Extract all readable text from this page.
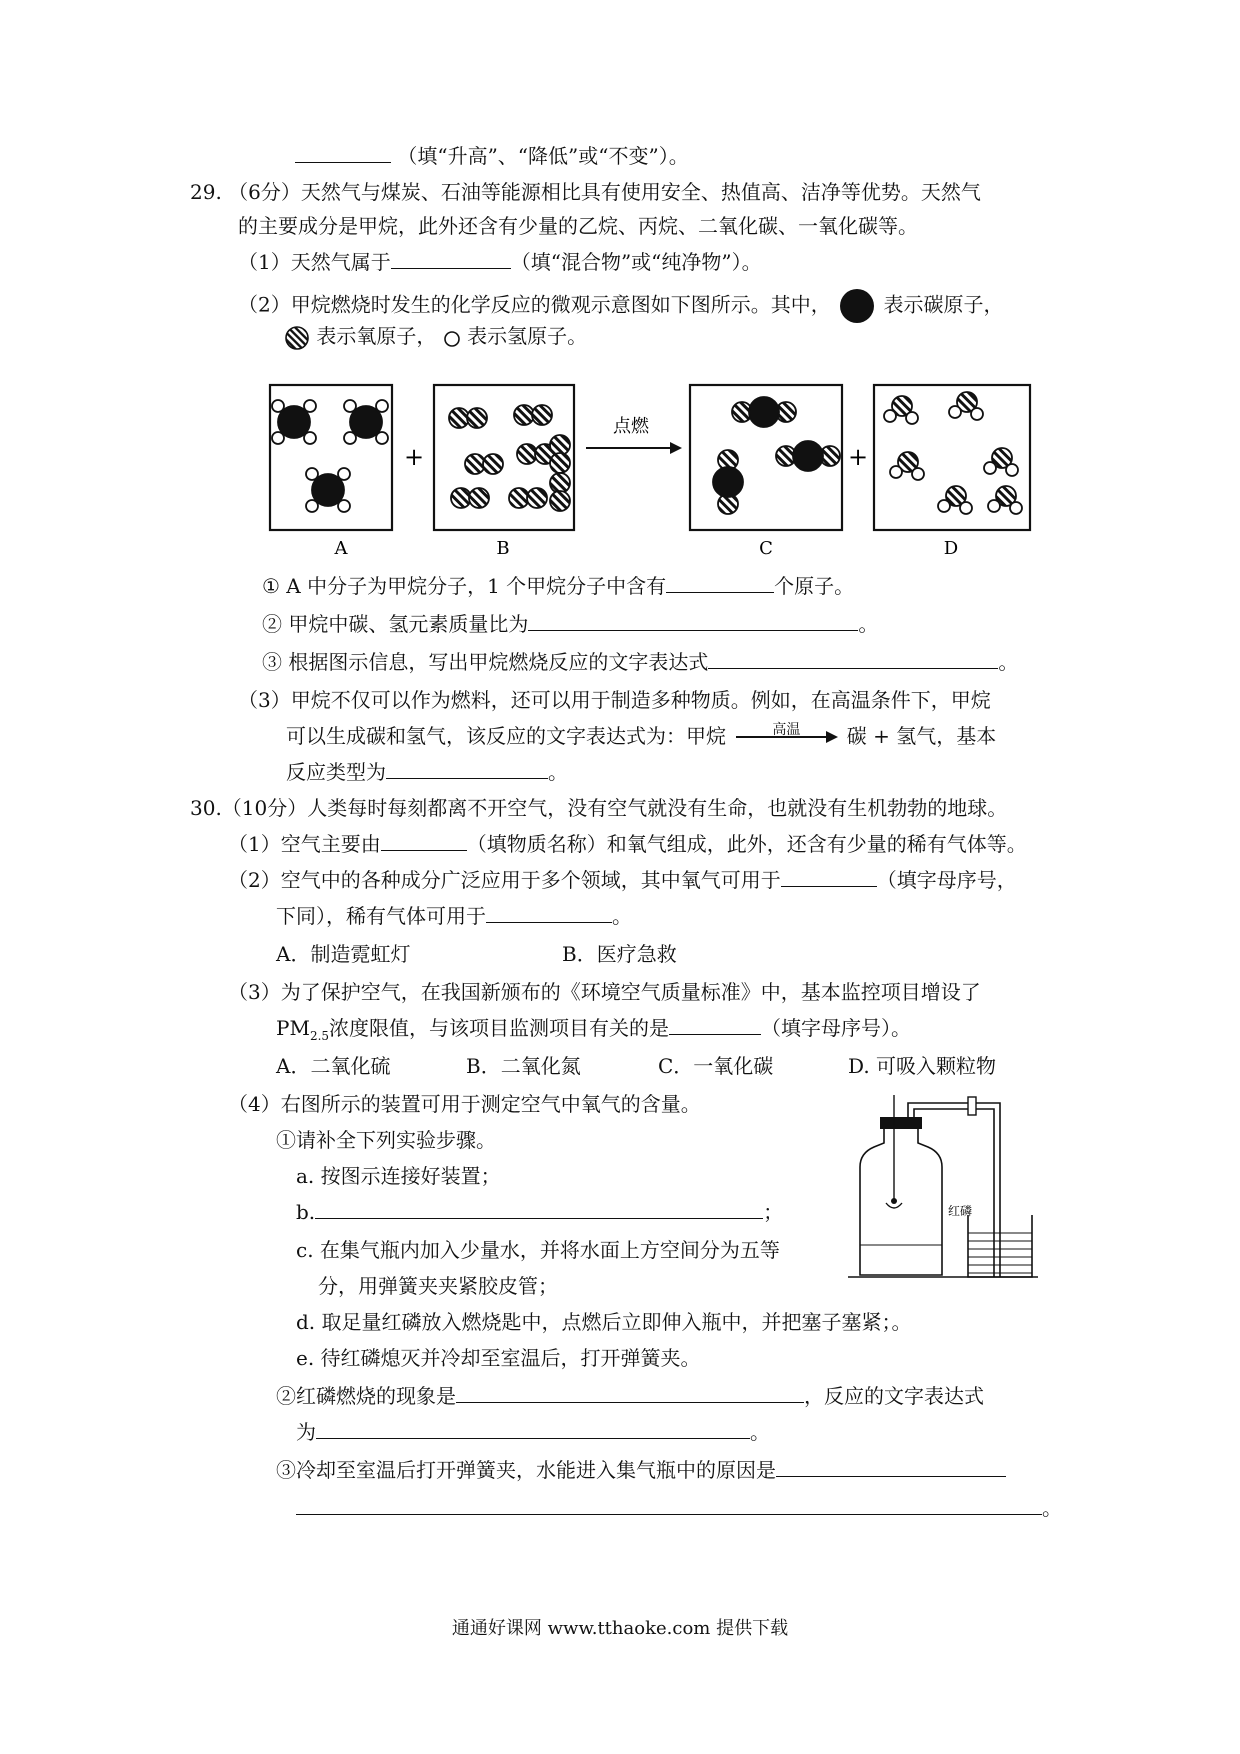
（填“升高”、“降低”或“不变”）。
29. （6分）天然气与煤炭、石油等能源相比具有使用安全、热值高、洁净等优势。天然气
的主要成分是甲烷，此外还含有少量的乙烷、丙烷、二氧化碳、一氧化碳等。
（1）天然气属于	（填“混合物”或“纯净物”）。
（2）甲烷燃烧时发生的化学反应的微观示意图如下图所示。其中，	表示碳原子，
表示氧原子， 表示氢原子。
+
点燃
+
A	B	C	D
① A 中分子为甲烷分子，1 个甲烷分子中含有	个原子。
② 甲烷中碳、氢元素质量比为	。
③ 根据图示信息，写出甲烷燃烧反应的文字表达式	。
（3）甲烷不仅可以作为燃料，还可以用于制造多种物质。例如，在高温条件下，甲烷
可以生成碳和氢气，该反应的文字表达式为：甲烷	高温 碳 + 氢气，基本
反应类型为	。
30.（10分）人类每时每刻都离不开空气，没有空气就没有生命，也就没有生机勃勃的地球。
（1）空气主要由	（填物质名称）和氧气组成，此外，还含有少量的稀有气体等。
（2）空气中的各种成分广泛应用于多个领域，其中氧气可用于	（填字母序号，
下同），稀有气体可用于	。
A．制造霓虹灯	B．医疗急救
（3）为了保护空气，在我国新颁布的《环境空气质量标准》中，基本监控项目增设了
$PM_{2.5}$浓度限值，与该项目监测项目有关的是	（填字母序号）。
A．二氧化硫	B．二氧化氮	C．一氧化碳	D. 可吸入颗粒物
（4）右图所示的装置可用于测定空气中氧气的含量。
①请补全下列实验步骤。
a. 按图示连接好装置；
b.	；
c. 在集气瓶内加入少量水，并将水面上方空间分为五等
分，用弹簧夹夹紧胶皮管；
d. 取足量红磷放入燃烧匙中，点燃后立即伸入瓶中，并把塞子塞紧；。
e. 待红磷熄灭并冷却至室温后，打开弹簧夹。
②红磷燃烧的现象是	，反应的文字表达式
为	。
③冷却至室温后打开弹簧夹，水能进入集气瓶中的原因是
。
红磷
通通好课网 www.tthaoke.com 提供下载
